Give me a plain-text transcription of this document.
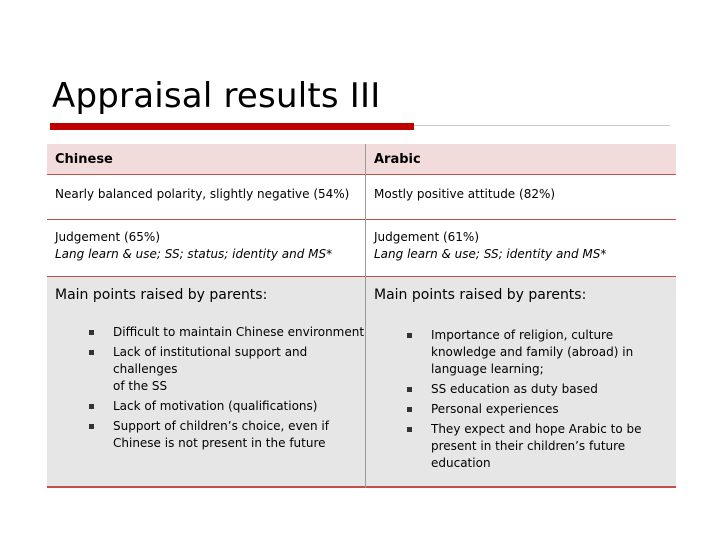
Appraisal results III
Chinese	Arabic
Nearly balanced polarity, slightly negative (54%) Mostly positive attitude (82%)
Judgement (65%)
Lang learn & use; SS; status; identity and MS*
Judgement (61%)
Lang learn & use; SS; identity and MS*
Main points raised by parents:	Main points raised by parents:
Difficult to maintain Chinese environment
Lack of institutional support and challenges
of the SS
Lack of motivation (qualifications)
Support of children’s choice, even if
Chinese is not present in the future
Importance of religion, culture
knowledge and family (abroad) in
language learning;
SS education as duty based
Personal experiences
They expect and hope Arabic to be
present in their children’s future
education
